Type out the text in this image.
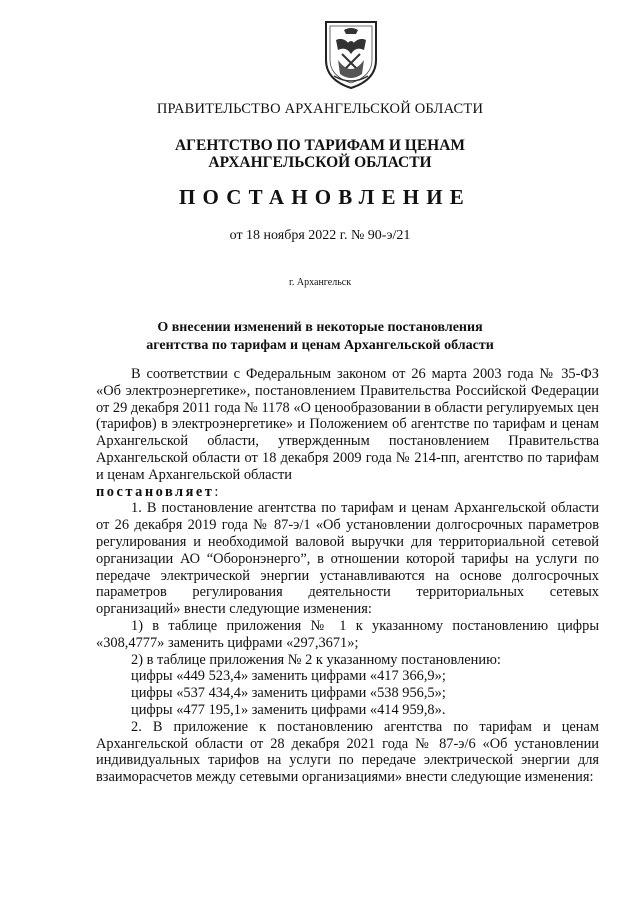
ПРАВИТЕЛЬСТВО АРХАНГЕЛЬСКОЙ ОБЛАСТИ
АГЕНТСТВО ПО ТАРИФАМ И ЦЕНАМ
АРХАНГЕЛЬСКОЙ ОБЛАСТИ
ПОСТАНОВЛЕНИЕ
от 18 ноября 2022 г. № 90-э/21
г. Архангельск
О внесении изменений в некоторые постановления
агентства по тарифам и ценам Архангельской области

В соответствии с Федеральным законом от 26 марта 2003 года № 35-ФЗ «Об электроэнергетике», постановлением Правительства Российской Федерации от 29 декабря 2011 года № 1178 «О ценообразовании в области регулируемых цен (тарифов) в электроэнергетике» и Положением об агентстве по тарифам и ценам Архангельской области, утвержденным постановлением Правительства Архангельской области от 18 декабря 2009 года № 214-пп, агентство по тарифам и ценам Архангельской области
постановляет:

1. В постановление агентства по тарифам и ценам Архангельской области от 26 декабря 2019 года № 87-э/1 «Об установлении долгосрочных параметров регулирования и необходимой валовой выручки для территориальной сетевой организации АО “Оборонэнерго”, в отношении которой тарифы на услуги по передаче электрической энергии устанавливаются на основе долгосрочных параметров регулирования деятельности территориальных сетевых организаций» внести следующие изменения:

1) в таблице приложения № 1 к указанному постановлению цифры «308,4777» заменить цифрами «297,3671»;

2) в таблице приложения № 2 к указанному постановлению:

цифры «449 523,4» заменить цифрами «417 366,9»;

цифры «537 434,4» заменить цифрами «538 956,5»;

цифры «477 195,1» заменить цифрами «414 959,8».

2. В приложение к постановлению агентства по тарифам и ценам Архангельской области от 28 декабря 2021 года № 87-э/6 «Об установлении индивидуальных тарифов на услуги по передаче электрической энергии для взаиморасчетов между сетевыми организациями» внести следующие изменения:
